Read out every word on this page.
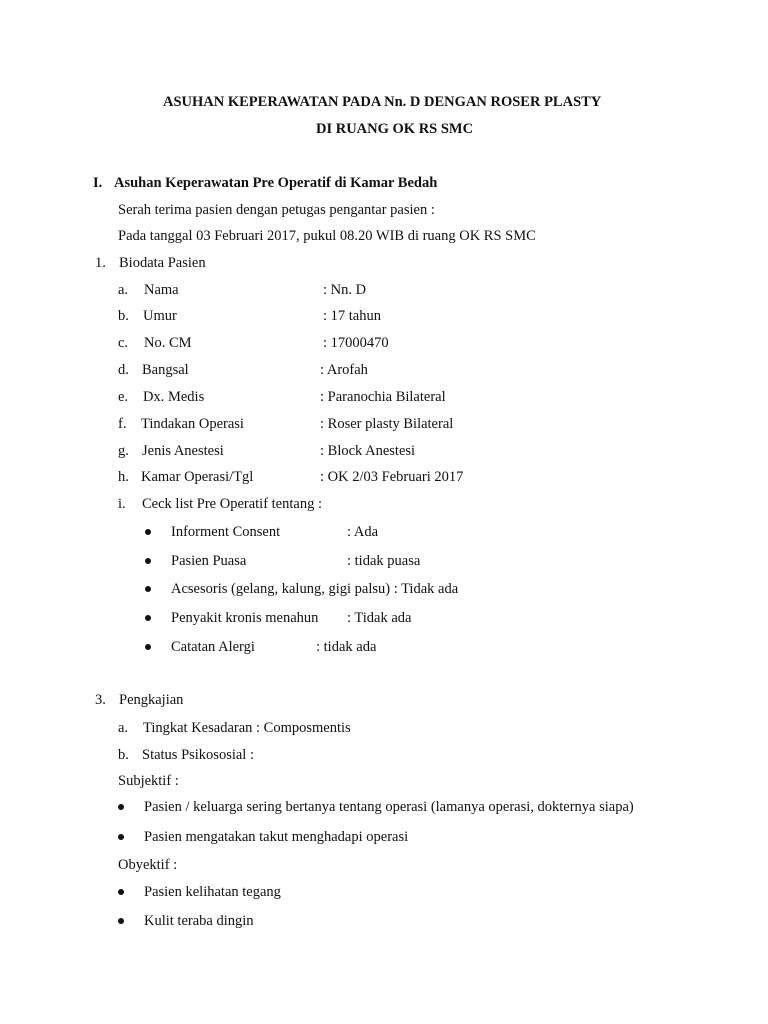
ASUHAN KEPERAWATAN PADA Nn. D DENGAN ROSER PLASTY
DI RUANG OK RS SMC
I. Asuhan Keperawatan Pre Operatif di Kamar Bedah
Serah terima pasien dengan petugas pengantar pasien :
Pada tanggal 03 Februari 2017, pukul 08.20 WIB di ruang OK RS SMC
1. Biodata Pasien
a. Nama	: Nn. D
b. Umur	: 17 tahun
c. No. CM	: 17000470
d. Bangsal	: Arofah
e. Dx. Medis	: Paranochia Bilateral
f. Tindakan Operasi	: Roser plasty Bilateral
g. Jenis Anestesi	: Block Anestesi
h. Kamar Operasi/Tgl	: OK 2/03 Februari 2017
i. Ceck list Pre Operatif tentang :
Informent Consent	: Ada
Pasien Puasa	: tidak puasa
Acsesoris (gelang, kalung, gigi palsu) : Tidak ada
Penyakit kronis menahun : Tidak ada
Catatan Alergi	: tidak ada
3. Pengkajian
a. Tingkat Kesadaran : Composmentis
b. Status Psikososial :
Subjektif :
Pasien / keluarga sering bertanya tentang operasi (lamanya operasi, dokternya siapa)
Pasien mengatakan takut menghadapi operasi
Obyektif :
Pasien kelihatan tegang
Kulit teraba dingin
